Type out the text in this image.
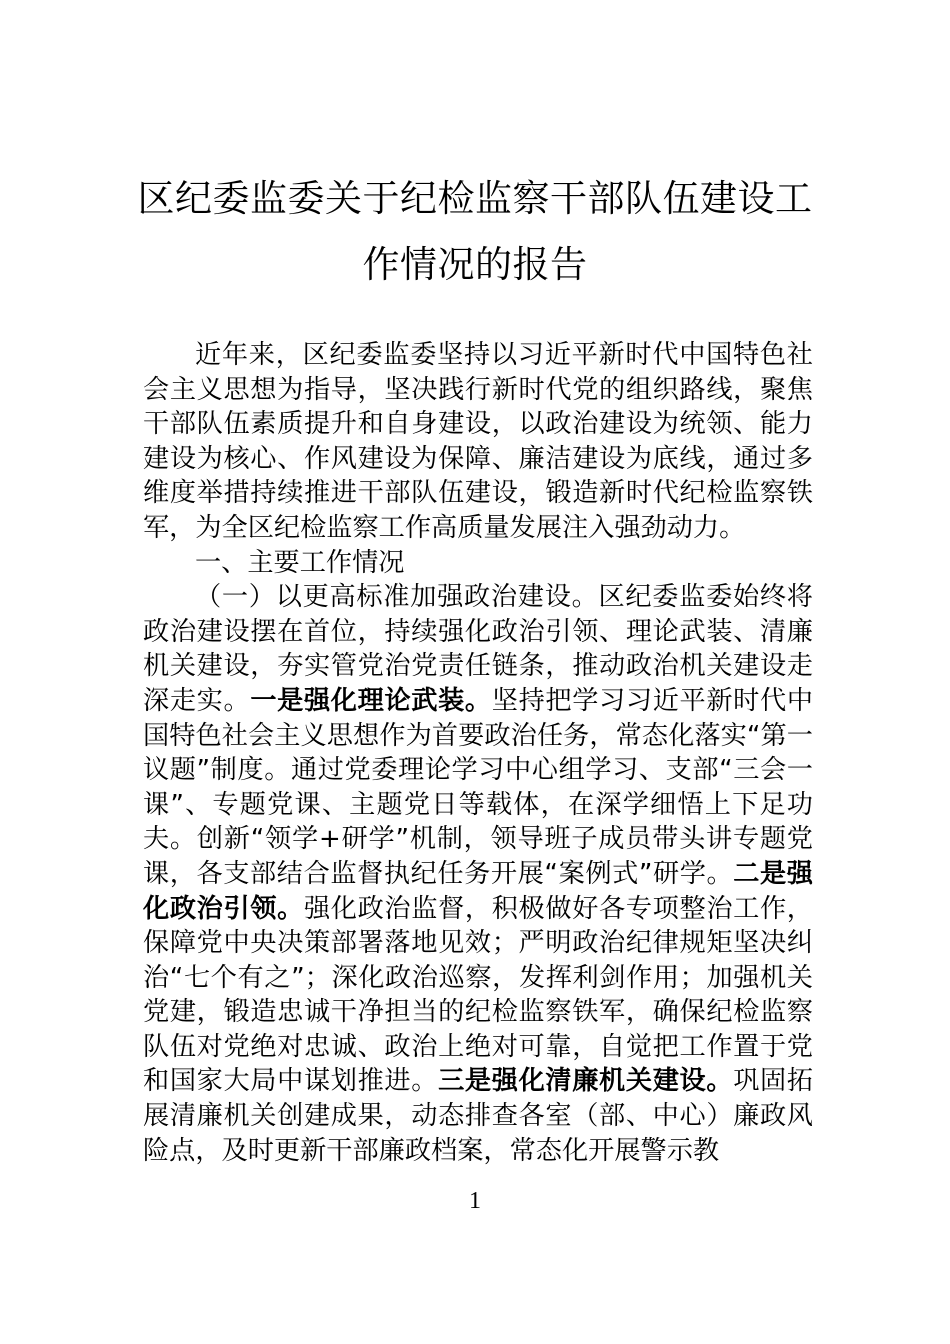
区纪委监委关于纪检监察干部队伍建设工
作情况的报告

近年来，区纪委监委坚持以习近平新时代中国特色社会主义思想为指导，坚决践行新时代党的组织路线，聚焦干部队伍素质提升和自身建设，以政治建设为统领、能力建设为核心、作风建设为保障、廉洁建设为底线，通过多维度举措持续推进干部队伍建设，锻造新时代纪检监察铁军，为全区纪检监察工作高质量发展注入强劲动力。

一、主要工作情况

（一）以更高标准加强政治建设。区纪委监委始终将政治建设摆在首位，持续强化政治引领、理论武装、清廉机关建设，夯实管党治党责任链条，推动政治机关建设走深走实。一是强化理论武装。坚持把学习习近平新时代中国特色社会主义思想作为首要政治任务，常态化落实“第一议题”制度。通过党委理论学习中心组学习、支部“三会一课”、专题党课、主题党日等载体，在深学细悟上下足功夫。创新“领学+研学”机制，领导班子成员带头讲专题党课，各支部结合监督执纪任务开展“案例式”研学。二是强化政治引领。强化政治监督，积极做好各专项整治工作，保障党中央决策部署落地见效；严明政治纪律规矩坚决纠治“七个有之”；深化政治巡察，发挥利剑作用；加强机关党建，锻造忠诚干净担当的纪检监察铁军，确保纪检监察队伍对党绝对忠诚、政治上绝对可靠，自觉把工作置于党和国家大局中谋划推进。三是强化清廉机关建设。巩固拓展清廉机关创建成果，动态排查各室（部、中心）廉政风险点，及时更新干部廉政档案，常态化开展警示教

1
